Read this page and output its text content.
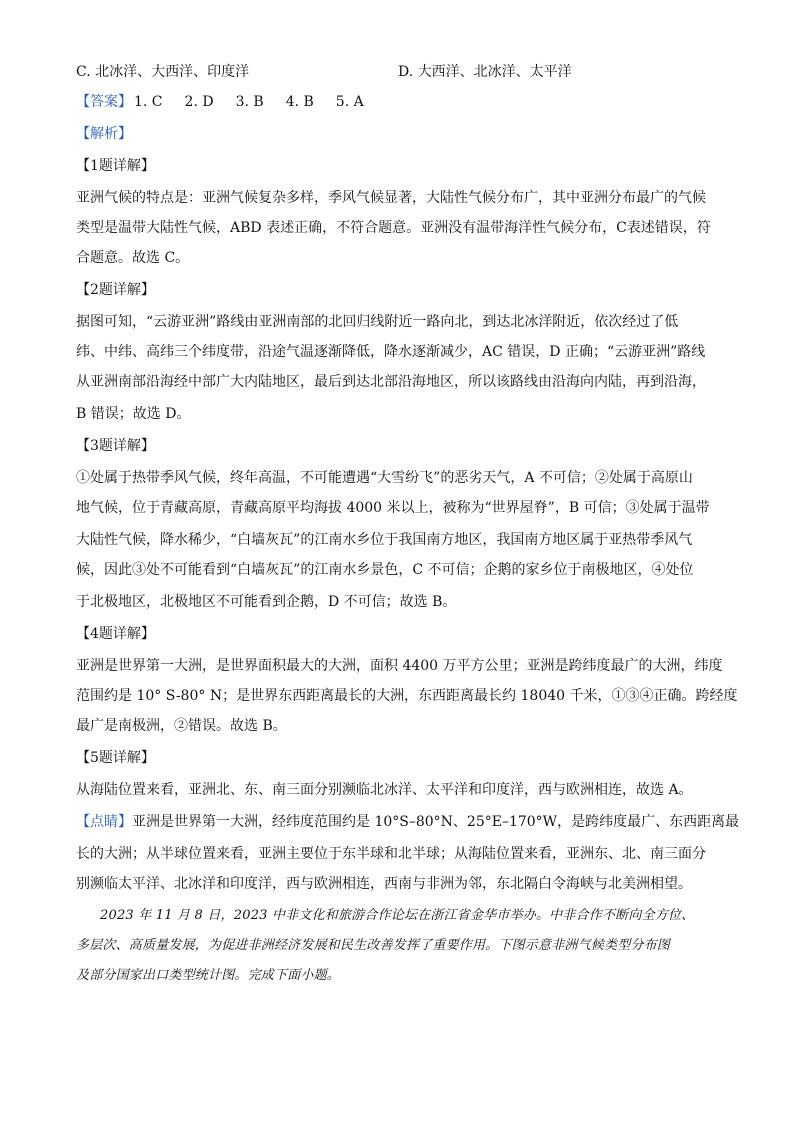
C. 北冰洋、大西洋、印度洋	D. 大西洋、北冰洋、太平洋
【答案】 1. C 2. D 3. B 4. B 5. A
【解析】
【1题详解】
亚洲气候的特点是：亚洲气候复杂多样，季风气候显著，大陆性气候分布广，其中亚洲分布最广的气候
类型是温带大陆性气候，ABD 表述正确，不符合题意。亚洲没有温带海洋性气候分布，C表述错误，符
合题意。故选 C。
【2题详解】
据图可知，“云游亚洲”路线由亚洲南部的北回归线附近一路向北，到达北冰洋附近，依次经过了低
纬、中纬、高纬三个纬度带，沿途气温逐渐降低，降水逐渐减少，AC 错误，D 正确；“云游亚洲”路线
从亚洲南部沿海经中部广大内陆地区，最后到达北部沿海地区，所以该路线由沿海向内陆，再到沿海，
B 错误；故选 D。
【3题详解】
①处属于热带季风气候，终年高温，不可能遭遇“大雪纷飞”的恶劣天气，A 不可信；②处属于高原山
地气候，位于青藏高原，青藏高原平均海拔 4000 米以上，被称为“世界屋脊”，B 可信；③处属于温带
大陆性气候，降水稀少，“白墙灰瓦”的江南水乡位于我国南方地区，我国南方地区属于亚热带季风气
候，因此③处不可能看到“白墙灰瓦”的江南水乡景色，C 不可信；企鹅的家乡位于南极地区，④处位
于北极地区，北极地区不可能看到企鹅，D 不可信；故选 B。
【4题详解】
亚洲是世界第一大洲，是世界面积最大的大洲，面积 4400 万平方公里；亚洲是跨纬度最广的大洲，纬度
范围约是 10° S-80° N；是世界东西距离最长的大洲，东西距离最长约 18040 千米，①③④正确。跨经度
最广是南极洲，②错误。故选 B。
【5题详解】
从海陆位置来看，亚洲北、东、南三面分别濒临北冰洋、太平洋和印度洋，西与欧洲相连，故选 A。
【点睛】亚洲是世界第一大洲，经纬度范围约是 10°S–80°N、25°E–170°W，是跨纬度最广、东西距离最
长的大洲；从半球位置来看，亚洲主要位于东半球和北半球；从海陆位置来看，亚洲东、北、南三面分
别濒临太平洋、北冰洋和印度洋，西与欧洲相连，西南与非洲为邻，东北隔白令海峡与北美洲相望。
2023 年 11 月 8 日，2023 中非文化和旅游合作论坛在浙江省金华市举办。中非合作不断向全方位、
多层次、高质量发展，为促进非洲经济发展和民生改善发挥了重要作用。下图示意非洲气候类型分布图
及部分国家出口类型统计图。完成下面小题。
